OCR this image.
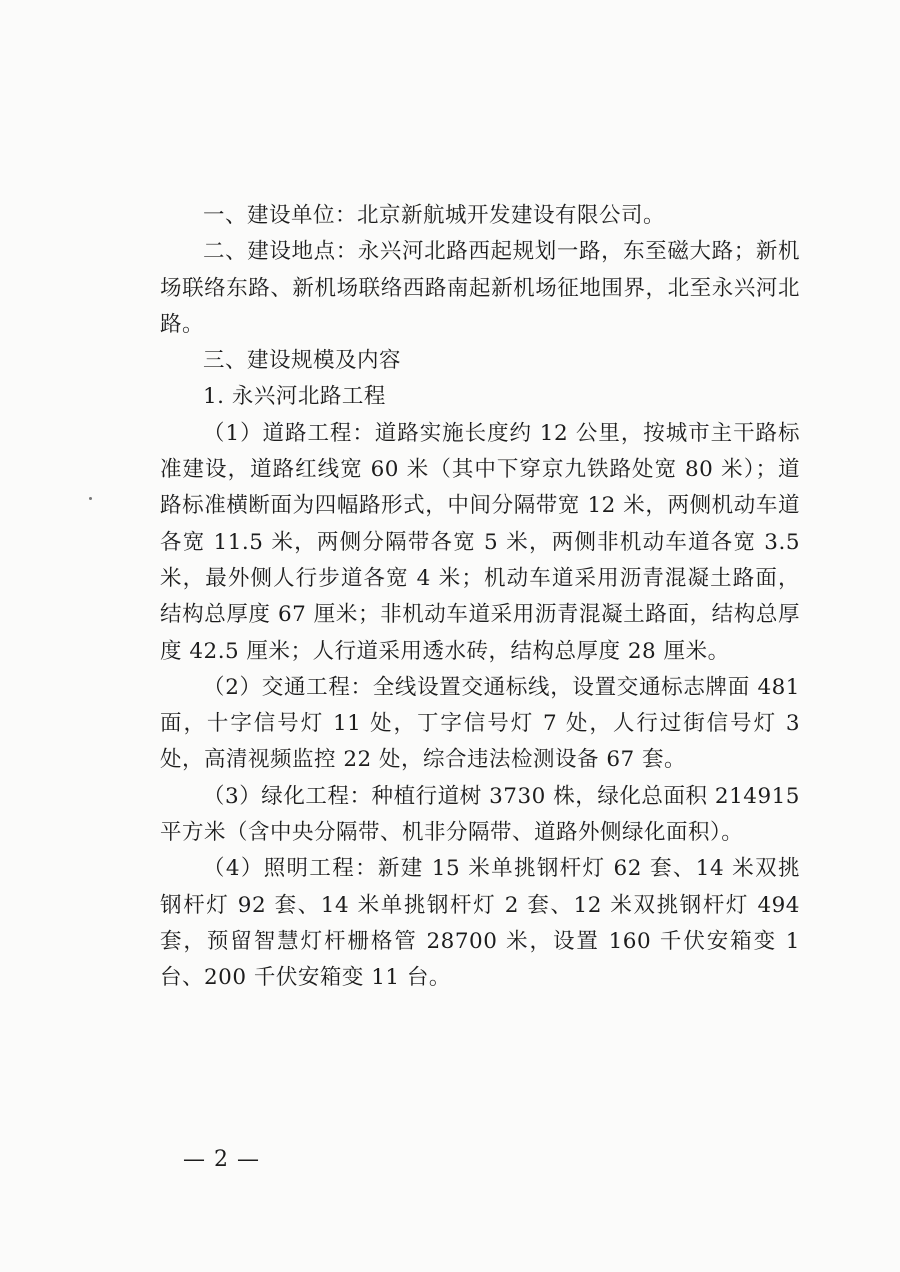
一、建设单位：北京新航城开发建设有限公司。

二、建设地点：永兴河北路西起规划一路，东至磁大路；新机场联络东路、新机场联络西路南起新机场征地围界，北至永兴河北路。

三、建设规模及内容

1. 永兴河北路工程

（1）道路工程：道路实施长度约 12 公里，按城市主干路标准建设，道路红线宽 60 米（其中下穿京九铁路处宽 80 米）；道路标准横断面为四幅路形式，中间分隔带宽 12 米，两侧机动车道各宽 11.5 米，两侧分隔带各宽 5 米，两侧非机动车道各宽 3.5 米，最外侧人行步道各宽 4 米；机动车道采用沥青混凝土路面，结构总厚度 67 厘米；非机动车道采用沥青混凝土路面，结构总厚度 42.5 厘米；人行道采用透水砖，结构总厚度 28 厘米。

（2）交通工程：全线设置交通标线，设置交通标志牌面 481 面，十字信号灯 11 处，丁字信号灯 7 处，人行过街信号灯 3 处，高清视频监控 22 处，综合违法检测设备 67 套。

（3）绿化工程：种植行道树 3730 株，绿化总面积 214915 平方米（含中央分隔带、机非分隔带、道路外侧绿化面积）。

（4）照明工程：新建 15 米单挑钢杆灯 62 套、14 米双挑钢杆灯 92 套、14 米单挑钢杆灯 2 套、12 米双挑钢杆灯 494 套，预留智慧灯杆栅格管 28700 米，设置 160 千伏安箱变 1 台、200 千伏安箱变 11 台。

— 2 —
